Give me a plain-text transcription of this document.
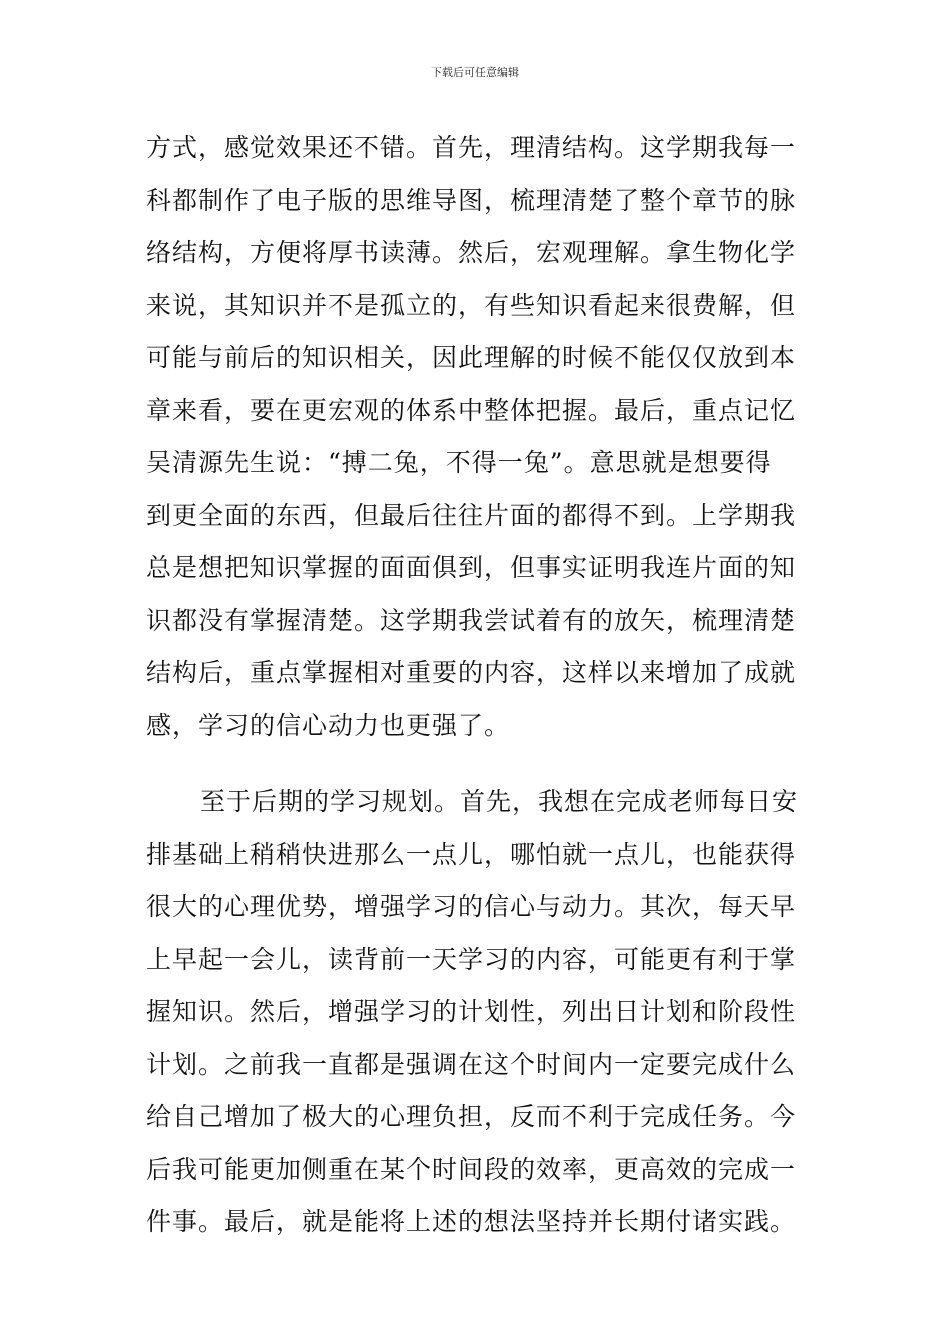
下载后可任意编辑
方式，感觉效果还不错。首先，理清结构。这学期我每一
科都制作了电子版的思维导图，梳理清楚了整个章节的脉
络结构，方便将厚书读薄。然后，宏观理解。拿生物化学
来说，其知识并不是孤立的，有些知识看起来很费解，但
可能与前后的知识相关，因此理解的时候不能仅仅放到本
章来看，要在更宏观的体系中整体把握。最后，重点记忆
吴清源先生说：“搏二兔，不得一兔”。意思就是想要得
到更全面的东西，但最后往往片面的都得不到。上学期我
总是想把知识掌握的面面俱到，但事实证明我连片面的知
识都没有掌握清楚。这学期我尝试着有的放矢，梳理清楚
结构后，重点掌握相对重要的内容，这样以来增加了成就
感，学习的信心动力也更强了。
至于后期的学习规划。首先，我想在完成老师每日安
排基础上稍稍快进那么一点儿，哪怕就一点儿，也能获得
很大的心理优势，增强学习的信心与动力。其次，每天早
上早起一会儿，读背前一天学习的内容，可能更有利于掌
握知识。然后，增强学习的计划性，列出日计划和阶段性
计划。之前我一直都是强调在这个时间内一定要完成什么
给自己增加了极大的心理负担，反而不利于完成任务。今
后我可能更加侧重在某个时间段的效率，更高效的完成一
件事。最后，就是能将上述的想法坚持并长期付诸实践。
